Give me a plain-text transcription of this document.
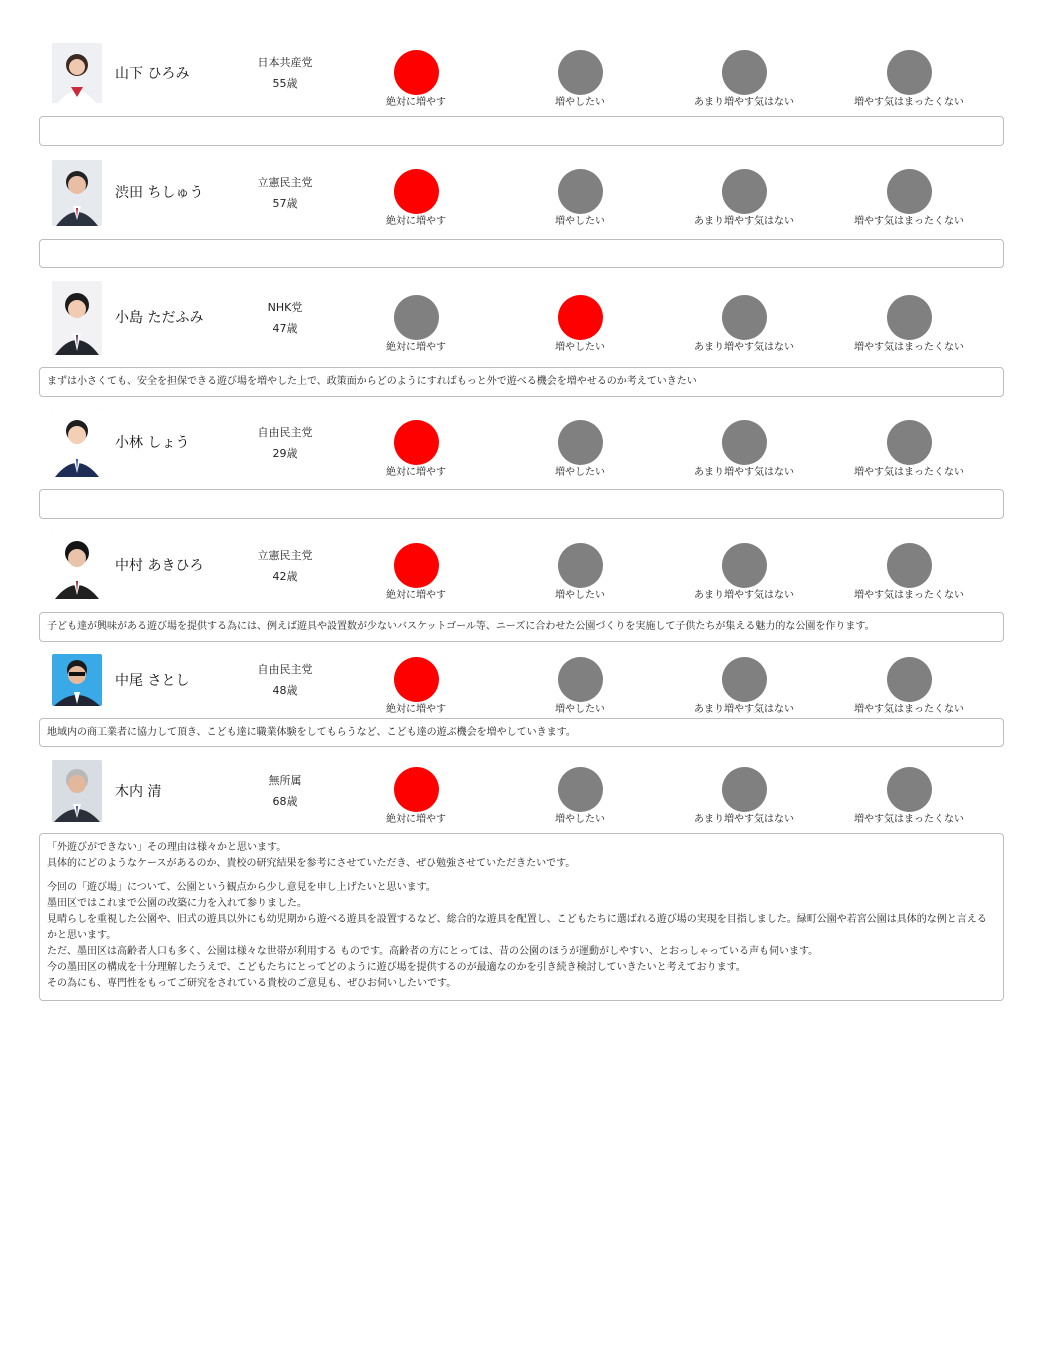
山下 ひろみ
日本共産党
55歳
絶対に増やす	増やしたい	あまり増やす気はない	増やす気はまったくない

渋田 ちしゅう
立憲民主党
57歳
絶対に増やす	増やしたい	あまり増やす気はない	増やす気はまったくない

小島 ただふみ
NHK党
47歳
絶対に増やす	増やしたい	あまり増やす気はない	増やす気はまったくない

まずは小さくても、安全を担保できる遊び場を増やした上で、政策面からどのようにすればもっと外で遊べる機会を増やせるのか考えていきたい

小林 しょう
自由民主党
29歳
絶対に増やす	増やしたい	あまり増やす気はない	増やす気はまったくない

中村 あきひろ
立憲民主党
42歳
絶対に増やす	増やしたい	あまり増やす気はない	増やす気はまったくない

子ども達が興味がある遊び場を提供する為には、例えば遊具や設置数が少ないバスケットゴール等、ニーズに合わせた公園づくりを実施して子供たちが集える魅力的な公園を作ります。

中尾 さとし
自由民主党
48歳
絶対に増やす	増やしたい	あまり増やす気はない	増やす気はまったくない

地域内の商工業者に協力して頂き、こども達に職業体験をしてもらうなど、こども達の遊ぶ機会を増やしていきます。

木内 清
無所属
68歳
絶対に増やす	増やしたい	あまり増やす気はない	増やす気はまったくない

「外遊びができない」その理由は様々かと思います。
具体的にどのようなケースがあるのか、貴校の研究結果を参考にさせていただき、ぜひ勉強させていただきたいです。

今回の「遊び場」について、公園という観点から少し意見を申し上げたいと思います。
墨田区ではこれまで公園の改築に力を入れて参りました。
見晴らしを重視した公園や、旧式の遊具以外にも幼児期から遊べる遊具を設置するなど、総合的な遊具を配置し、こどもたちに選ばれる遊び場の実現を目指しました。緑町公園や若宮公園は具体的な例と言えるかと思います。
ただ、墨田区は高齢者人口も多く、公園は様々な世帯が利用する ものです。高齢者の方にとっては、昔の公園のほうが運動がしやすい、とおっしゃっている声も伺います。
今の墨田区の構成を十分理解したうえで、こどもたちにとってどのように遊び場を提供するのが最適なのかを引き続き検討していきたいと考えております。
その為にも、専門性をもってご研究をされている貴校のご意見も、ぜひお伺いしたいです。
